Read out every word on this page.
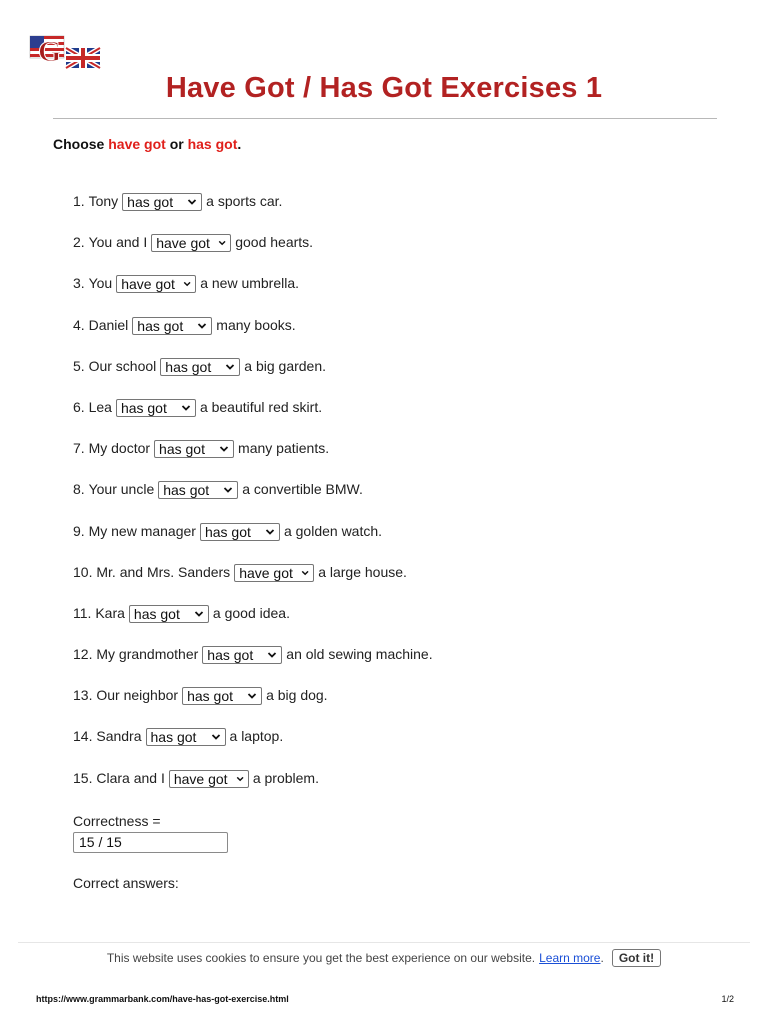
G
Have Got / Has Got Exercises 1
Choose have got or has got.
1.
Tony has got a sports car.
2.
You and I have got good hearts.
3.
You have got a new umbrella.
4.
Daniel has got many books.
5.
Our school has got a big garden.
6.
Lea has got a beautiful red skirt.
7.
My doctor has got many patients.
8.
Your uncle has got a convertible BMW.
9.
My new manager has got a golden watch.
10.
Mr. and Mrs. Sanders have got a large house.
11.
Kara has got a good idea.
12.
My grandmother has got an old sewing machine.
13.
Our neighbor has got a big dog.
14.
Sandra has got a laptop.
15.
Clara and I have got a problem.
Correctness =
15 / 15
Correct answers:
This website uses cookies to ensure you get the best experience on our website. Learn more .	Got it!
https://www.grammarbank.com/have-has-got-exercise.html	1/2
